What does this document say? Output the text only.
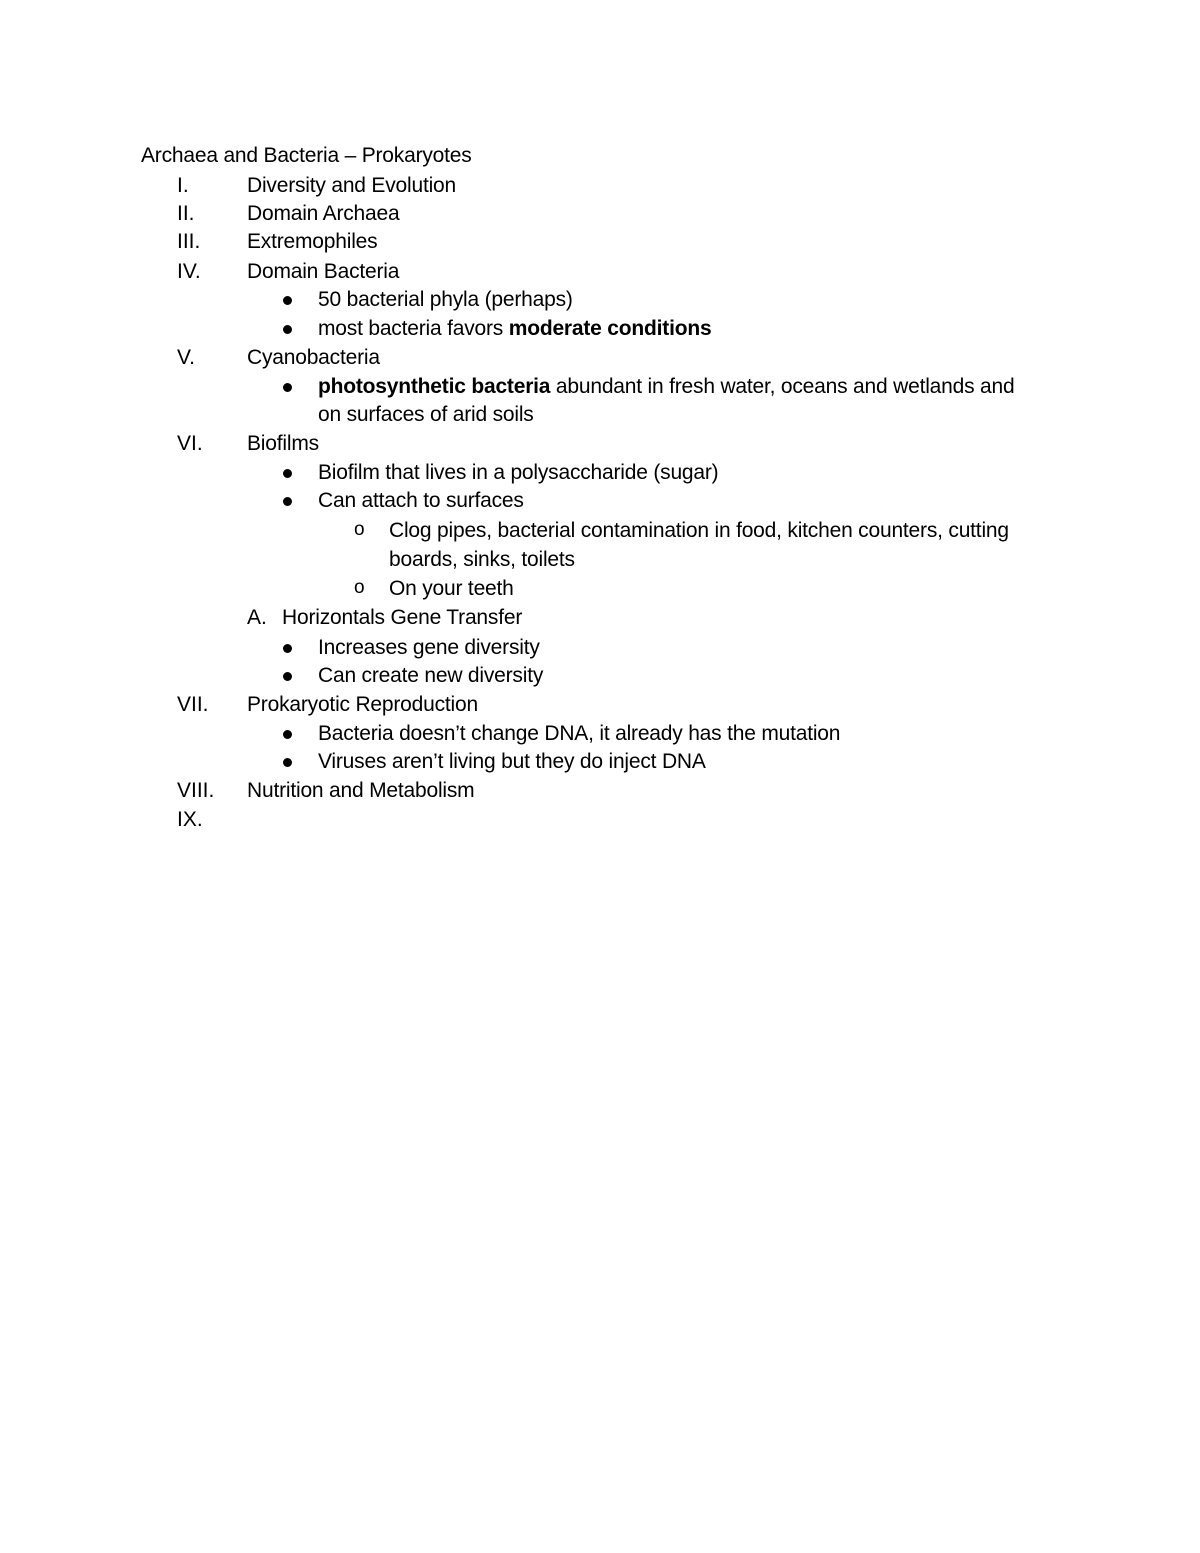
Archaea and Bacteria – Prokaryotes
I.	Diversity and Evolution
II. Domain Archaea
III. Extremophiles
IV. Domain Bacteria
50 bacterial phyla (perhaps)
most bacteria favors moderate conditions
V. Cyanobacteria
photosynthetic bacteria abundant in fresh water, oceans and wetlands and
on surfaces of arid soils
VI. Biofilms
Biofilm that lives in a polysaccharide (sugar)
Can attach to surfaces
o Clog pipes, bacterial contamination in food, kitchen counters, cutting
boards, sinks, toilets
o On your teeth
A. Horizontals Gene Transfer
Increases gene diversity
Can create new diversity
VII. Prokaryotic Reproduction
Bacteria doesn’t change DNA, it already has the mutation
Viruses aren’t living but they do inject DNA
VIII. Nutrition and Metabolism
IX.
